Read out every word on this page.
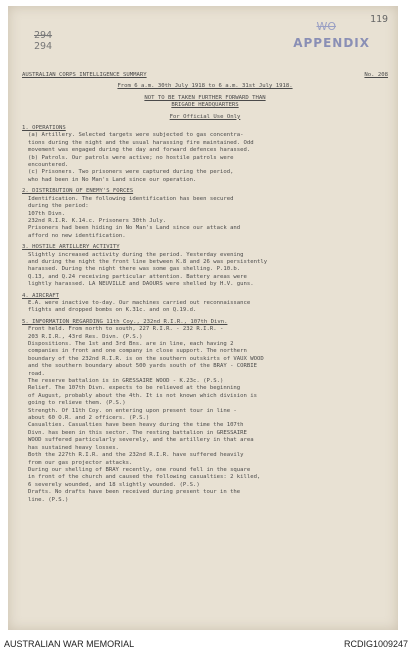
119
WO
APPENDIX
294
294
AUSTRALIAN CORPS INTELLIGENCE SUMMARY	No. 208

From 6 a.m. 30th July 1918 to 6 a.m. 31st July 1918.

NOT TO BE TAKEN FURTHER FORWARD THAN

BRIGADE HEADQUARTERS

For Official Use Only

1. OPERATIONS

(a) Artillery. Selected targets were subjected to gas concentra-

tions during the night and the usual harassing fire maintained. Odd

movement was engaged during the day and forward defences harassed.

(b) Patrols. Our patrols were active; no hostile patrols were

encountered.

(c) Prisoners. Two prisoners were captured during the period,

who had been in No Man's Land since our operation.

2. DISTRIBUTION OF ENEMY'S FORCES

Identification. The following identification has been secured

during the period:

107th Divn.

232nd R.I.R. K.14.c. Prisoners 30th July.

Prisoners had been hiding in No Man's Land since our attack and

afford no new identification.

3. HOSTILE ARTILLERY ACTIVITY

Slightly increased activity during the period. Yesterday evening

and during the night the front line between K.8 and 26 was persistently

harassed. During the night there was some gas shelling. P.10.b.

Q.13, and Q.24 receiving particular attention. Battery areas were

lightly harassed. LA NEUVILLE and DAOURS were shelled by H.V. guns.

4. AIRCRAFT

E.A. were inactive to-day. Our machines carried out reconnaissance

flights and dropped bombs on K.31c. and on Q.19.d.

5. INFORMATION REGARDING 11th Coy., 232nd R.I.R., 107th Divn.

Front held. From north to south, 227 R.I.R. - 232 R.I.R. -

203 R.I.R., 43rd Res. Divn. (P.S.)

Dispositions. The 1st and 3rd Bns. are in line, each having 2

companies in front and one company in close support. The northern

boundary of the 232nd R.I.R. is on the southern outskirts of VAUX WOOD

and the southern boundary about 500 yards south of the BRAY - CORBIE

road.

The reserve battalion is in GRESSAIRE WOOD - K.23c. (P.S.)

Relief. The 107th Divn. expects to be relieved at the beginning

of August, probably about the 4th. It is not known which division is

going to relieve them. (P.S.)

Strength. Of 11th Coy. on entering upon present tour in line -

about 60 O.R. and 2 officers. (P.S.)

Casualties. Casualties have been heavy during the time the 107th

Divn. has been in this sector. The resting battalion in GRESSAIRE

WOOD suffered particularly severely, and the artillery in that area

has sustained heavy losses.

Both the 227th R.I.R. and the 232nd R.I.R. have suffered heavily

from our gas projector attacks.

During our shelling of BRAY recently, one round fell in the square

in front of the church and caused the following casualties: 2 killed,

6 severely wounded, and 18 slightly wounded. (P.S.)

Drafts. No drafts have been received during present tour in the

line. (P.S.)

AUSTRALIAN WAR MEMORIAL	RCDIG1009247
